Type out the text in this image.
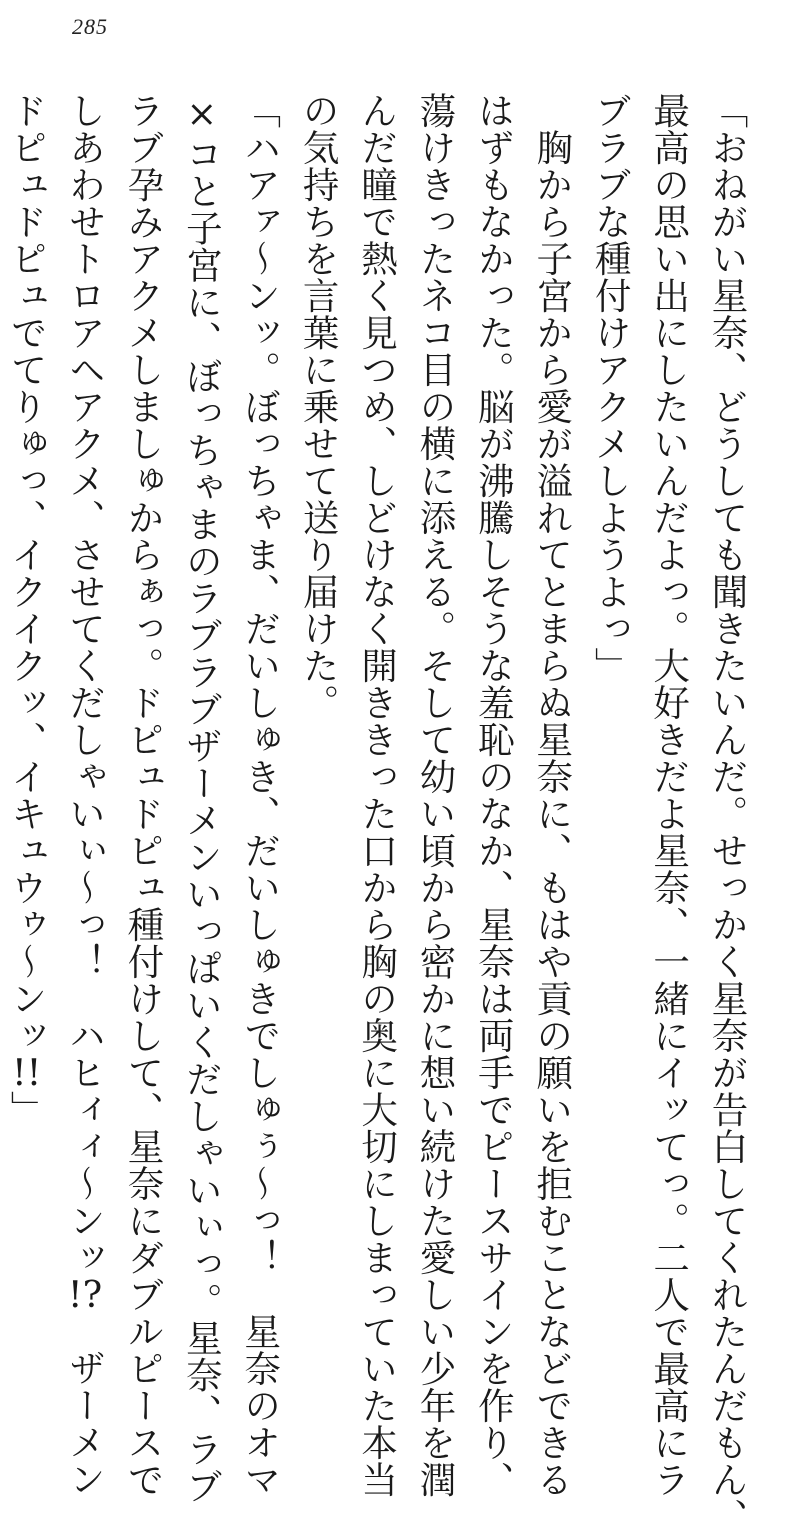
285
「おねがい星奈、どうしても聞きたいんだ。せっかく星奈が告白してくれたんだもん、
最高の思い出にしたいんだよっ。大好きだよ星奈、一緒にイッてっ。二人で最高にラ
ブラブな種付けアクメしようよっ」
　胸から子宮から愛が溢れてとまらぬ星奈に、もはや貢の願いを拒むことなどできる
はずもなかった。脳が沸騰しそうな羞恥のなか、星奈は両手でピースサインを作り、
蕩けきったネコ目の横に添える。そして幼い頃から密かに想い続けた愛しい少年を潤
んだ瞳で熱く見つめ、しどけなく開ききった口から胸の奥に大切にしまっていた本当
の気持ちを言葉に乗せて送り届けた。
「ハアァ〜ンッ。ぼっちゃま、だいしゅき、だいしゅきでしゅぅ〜っ！　星奈のオマ
×コと子宮に、ぼっちゃまのラブラブザーメンいっぱいくだしゃいぃっ。星奈、ラブ
ラブ孕みアクメしましゅからぁっ。ドピュドピュ種付けして、星奈にダブルピースで
しあわせトロアヘアクメ、させてくだしゃいぃ〜っ！　ハヒィィ〜ンッ!?　ザーメン
ドピュドピュでてりゅっ、イクイクッ、イキュウゥ〜ンッ!!」
